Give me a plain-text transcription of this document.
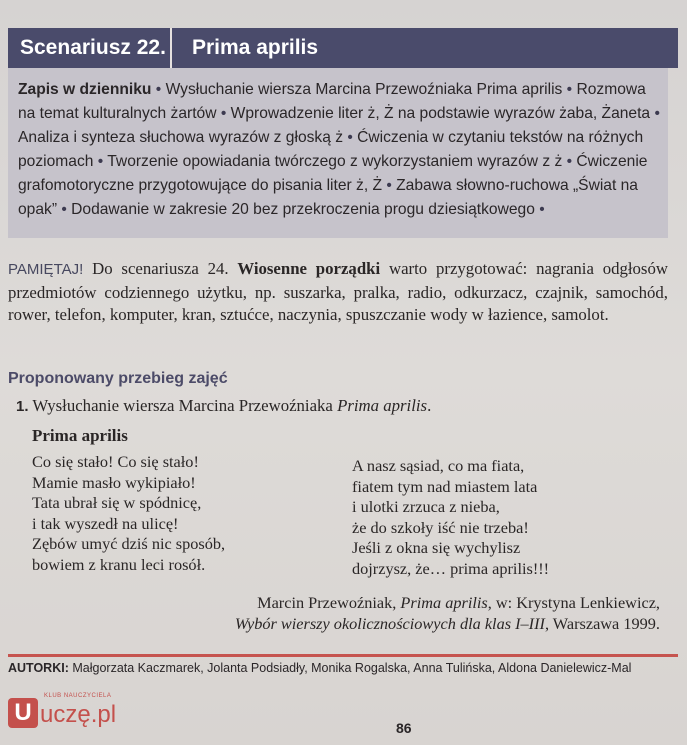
Scenariusz 22.	Prima aprilis
Zapis w dzienniku • Wysłuchanie wiersza Marcina Przewoźniaka Prima aprilis • Rozmowa na temat kulturalnych żartów • Wprowadzenie liter ż, Ż na podstawie wyrazów żaba, Żaneta • Analiza i synteza słuchowa wyrazów z głoską ż • Ćwiczenia w czytaniu tekstów na różnych poziomach • Tworzenie opowiadania twórczego z wykorzystaniem wyrazów z ż • Ćwiczenie grafomotoryczne przygotowujące do pisania liter ż, Ż • Zabawa słowno-ruchowa „Świat na opak” • Dodawanie w zakresie 20 bez przekroczenia progu dziesiątkowego •
PAMIĘTAJ! Do scenariusza 24. Wiosenne porządki warto przygotować: nagrania odgłosów przedmiotów codziennego użytku, np. suszarka, pralka, radio, odkurzacz, czajnik, samochód, rower, telefon, komputer, kran, sztućce, naczynia, spuszczanie wody w łazience, samolot.
Proponowany przebieg zajęć
1. Wysłuchanie wiersza Marcina Przewoźniaka Prima aprilis.
Prima aprilis
Co się stało! Co się stało!
Mamie masło wykipiało!
Tata ubrał się w spódnicę,
i tak wyszedł na ulicę!
Zębów umyć dziś nic sposób,
bowiem z kranu leci rosół.
A nasz sąsiad, co ma fiata,
fiatem tym nad miastem lata
i ulotki zrzuca z nieba,
że do szkoły iść nie trzeba!
Jeśli z okna się wychylisz
dojrzysz, że… prima aprilis!!!
Marcin Przewoźniak, Prima aprilis, w: Krystyna Lenkiewicz,
Wybór wierszy okolicznościowych dla klas I–III, Warszawa 1999.
AUTORKI: Małgorzata Kaczmarek, Jolanta Podsiadły, Monika Rogalska, Anna Tulińska, Aldona Danielewicz-Mal
U
KLUB NAUCZYCIELA
uczę.pl	86
